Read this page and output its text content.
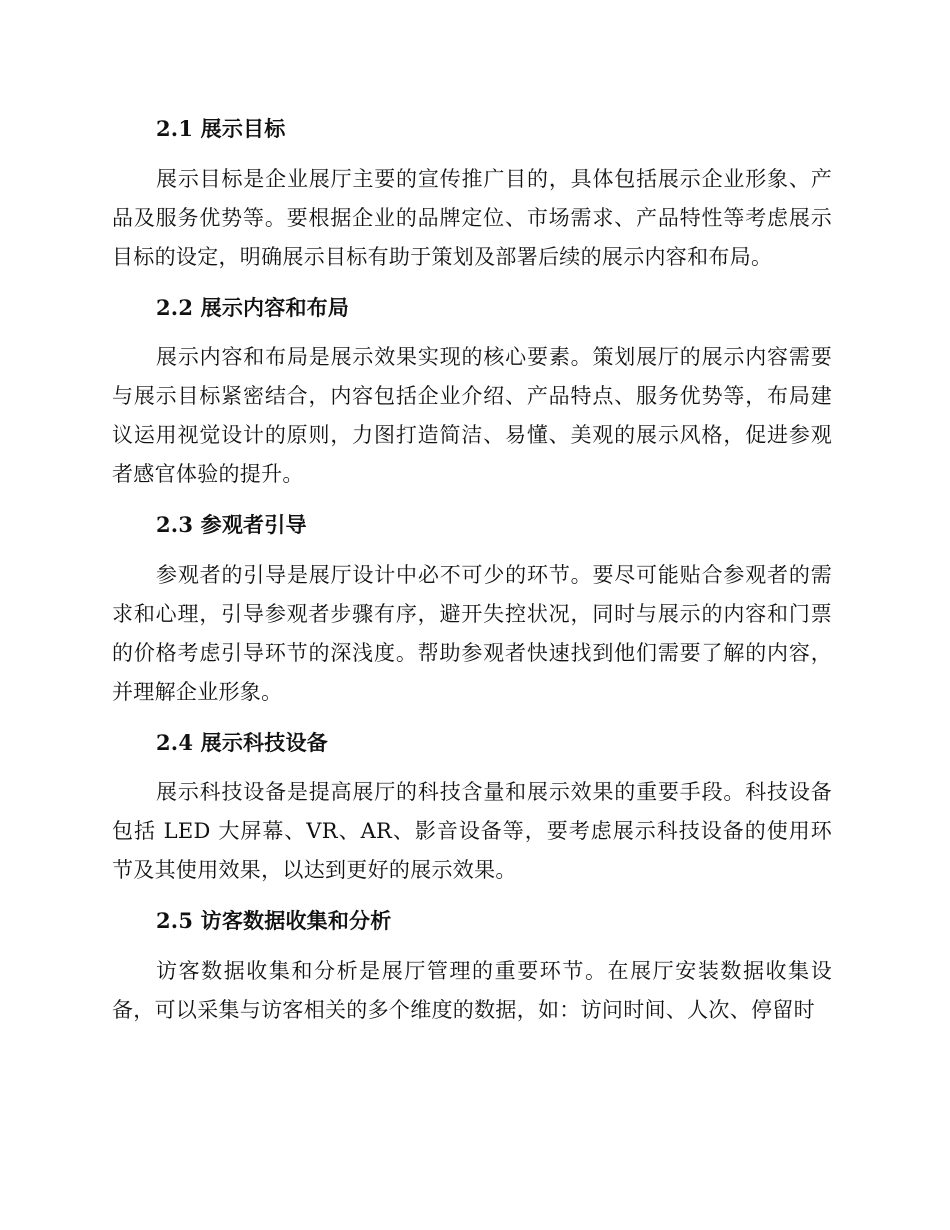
2.1 展示目标

展示目标是企业展厅主要的宣传推广目的，具体包括展示企业形象、产品及服务优势等。要根据企业的品牌定位、市场需求、产品特性等考虑展示目标的设定，明确展示目标有助于策划及部署后续的展示内容和布局。

2.2 展示内容和布局

展示内容和布局是展示效果实现的核心要素。策划展厅的展示内容需要与展示目标紧密结合，内容包括企业介绍、产品特点、服务优势等，布局建议运用视觉设计的原则，力图打造简洁、易懂、美观的展示风格，促进参观者感官体验的提升。

2.3 参观者引导

参观者的引导是展厅设计中必不可少的环节。要尽可能贴合参观者的需求和心理，引导参观者步骤有序，避开失控状况，同时与展示的内容和门票的价格考虑引导环节的深浅度。帮助参观者快速找到他们需要了解的内容，并理解企业形象。

2.4 展示科技设备

展示科技设备是提高展厅的科技含量和展示效果的重要手段。科技设备包括 LED 大屏幕、VR、AR、影音设备等，要考虑展示科技设备的使用环节及其使用效果，以达到更好的展示效果。

2.5 访客数据收集和分析

访客数据收集和分析是展厅管理的重要环节。在展厅安装数据收集设备，可以采集与访客相关的多个维度的数据，如：访问时间、人次、停留时
